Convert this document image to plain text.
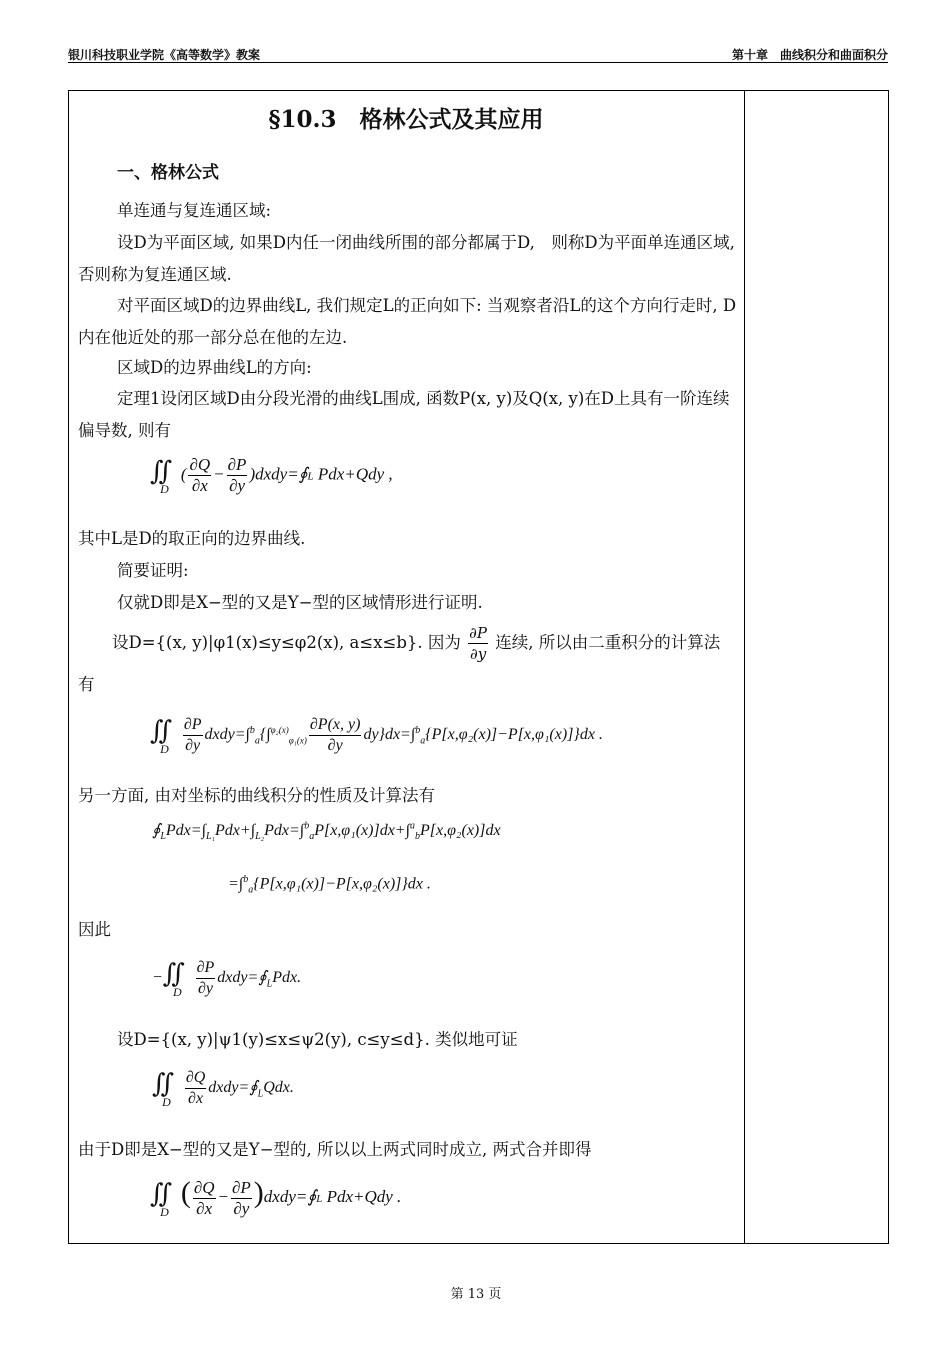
银川科技职业学院《高等数学》教案	第十章　曲线积分和曲面积分
§10.3　格林公式及其应用
一、格林公式
单连通与复连通区域:
设D为平面区域, 如果D内任一闭曲线所围的部分都属于D,　则称D为平面单连通区域, 否则称为复连通区域.
对平面区域D的边界曲线L, 我们规定L的正向如下: 当观察者沿L的这个方向行走时, D内在他近处的那一部分总在他的左边.
区域D的边界曲线L的方向:
定理1设闭区域D由分段光滑的曲线L围成, 函数P(x, y)及Q(x, y)在D上具有一阶连续偏导数, 则有
$∬_D( \frac{\partial Q}{\partial x} - \frac{\partial P}{\partial y}$ )dxdy=∮L Pdx+Qdy ,
其中L是D的取正向的边界曲线.
简要证明:
仅就D即是X−型的又是Y−型的区域情形进行证明.
设D={(x, y)|φ1(x)≤y≤φ2(x), a≤x≤b}. 因为 $\frac{\partial P}{\partial y}$ 连续, 所以由二重积分的计算法
有
$∬_D \frac{\partial P}{\partial y}$ dxdy=∫$^b_a${∫$^{\varphi_2(x)}_{\varphi_1(x)}$ $\frac{\partial P(x, y)}{\partial y} dy\}dx=\int^b_a\{P[x,\varphi_2(x)]-P[x,\varphi_1(x)]\}dx$ .
另一方面, 由对坐标的曲线积分的性质及计算法有
$∮_LPdx=\int_{L_1}Pdx+\int_{L_2}Pdx=\int^b_aP[x,\varphi_1(x)]dx+\int^a_bP[x,\varphi_2(x)]dx$
=∫$^b_a${P[x,φ₁(x)]−P[x,φ₂(x)]}dx .
因此
$-∬_D \frac{\partial P}{\partial y}$ $dxdy=∮_LPdx$.
设D={(x, y)|ψ1(y)≤x≤ψ2(y), c≤y≤d}. 类似地可证
$∬_D \frac{\partial Q}{\partial x}$ $dxdy=∮_LQdx$.
由于D即是X−型的又是Y−型的, 所以以上两式同时成立, 两式合并即得
$∬_D( \frac{\partial Q}{\partial x} - \frac{\partial P}{\partial y}$ )dxdy=∮L Pdx+Qdy .
第 13 页
